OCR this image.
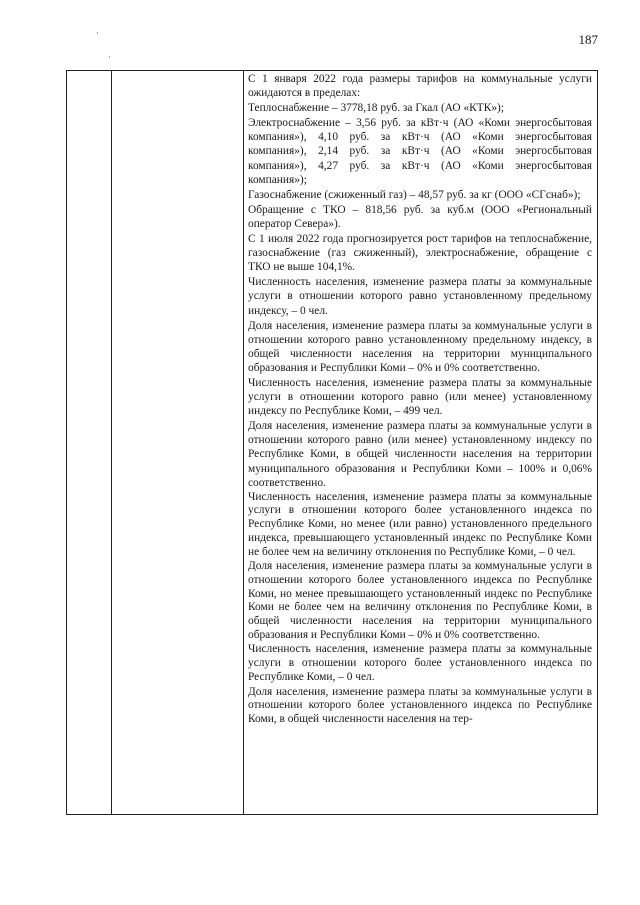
187
·
·

С 1 января 2022 года размеры тарифов на коммунальные услуги ожидаются в пределах:

Теплоснабжение – 3778,18 руб. за Гкал (АО «КТК»);

Электроснабжение – 3,56 руб. за кВт·ч (АО «Коми энергосбытовая компания»), 4,10 руб. за кВт·ч (АО «Коми энергосбытовая компания»), 2,14 руб. за кВт·ч (АО «Коми энергосбытовая компания»), 4,27 руб. за кВт·ч (АО «Коми энергосбытовая компания»);

Газоснабжение (сжиженный газ) – 48,57 руб. за кг (ООО «СГснаб»);

Обращение с ТКО – 818,56 руб. за куб.м (ООО «Региональный оператор Севера»).

С 1 июля 2022 года прогнозируется рост тарифов на теплоснабжение, газоснабжение (газ сжиженный), электроснабжение, обращение с ТКО не выше 104,1%.

Численность населения, изменение размера платы за коммунальные услуги в отношении которого равно установленному предельному индексу, – 0 чел.

Доля населения, изменение размера платы за коммунальные услуги в отношении которого равно установленному предельному индексу, в общей численности населения на территории муниципального образования и Республики Коми – 0% и 0% соответственно.

Численность населения, изменение размера платы за коммунальные услуги в отношении которого равно (или менее) установленному индексу по Республике Коми, – 499 чел.

Доля населения, изменение размера платы за коммунальные услуги в отношении которого равно (или менее) установленному индексу по Республике Коми, в общей численности населения на территории муниципального образования и Республики Коми – 100% и 0,06% соответственно.

Численность населения, изменение размера платы за коммунальные услуги в отношении которого более установленного индекса по Республике Коми, но менее (или равно) установленного предельного индекса, превышающего установленный индекс по Республике Коми не более чем на величину отклонения по Республике Коми, – 0 чел.

Доля населения, изменение размера платы за коммунальные услуги в отношении которого более установленного индекса по Республике Коми, но менее превышающего установленный индекс по Республике Коми не более чем на величину отклонения по Республике Коми, в общей численности населения на территории муниципального образования и Республики Коми – 0% и 0% соответственно.

Численность населения, изменение размера платы за коммунальные услуги в отношении которого более установленного индекса по Республике Коми, – 0 чел.

Доля населения, изменение размера платы за коммунальные услуги в отношении которого более установленного индекса по Республике Коми, в общей численности населения на тер-
